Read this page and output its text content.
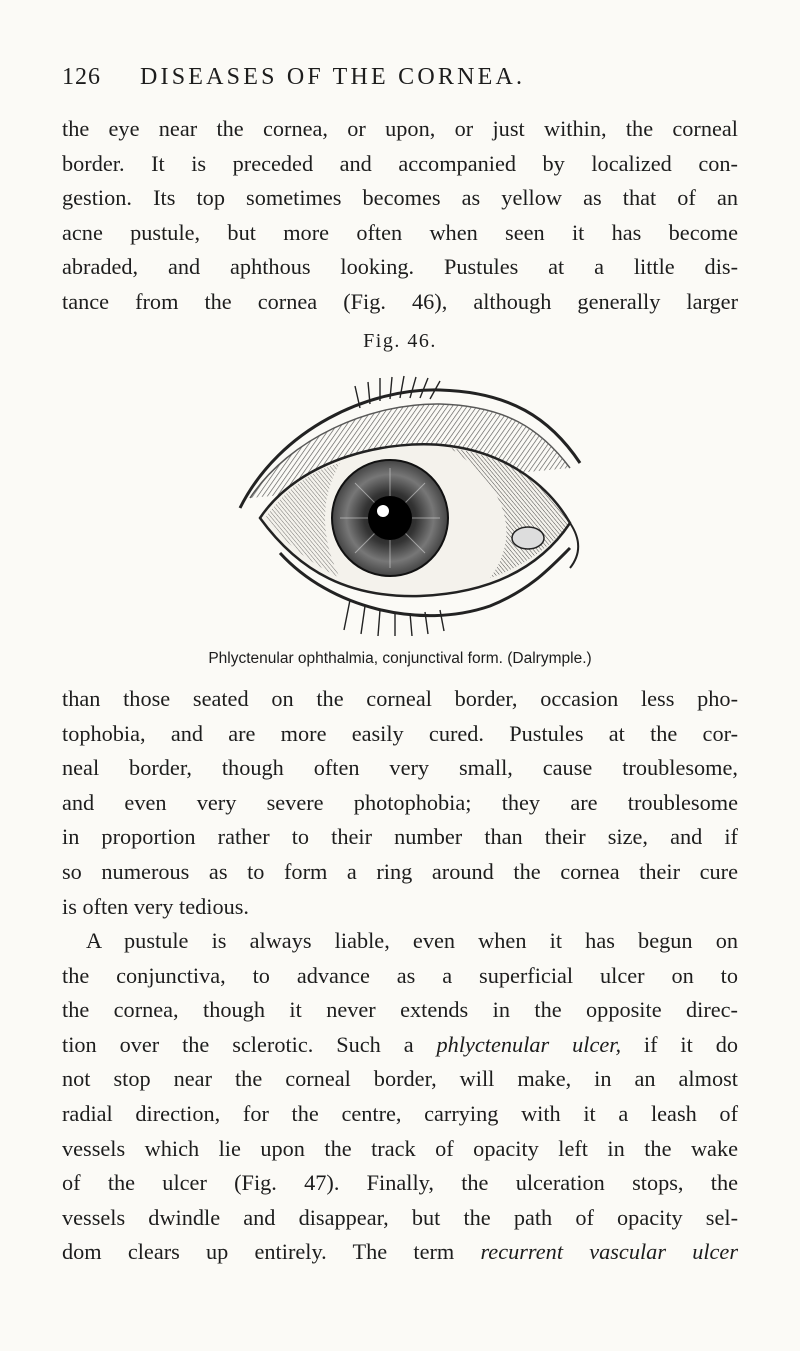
126	DISEASES OF THE CORNEA.

the eye near the cornea, or upon, or just within, the corneal
border. It is preceded and accompanied by localized con-
gestion. Its top sometimes becomes as yellow as that of an
acne pustule, but more often when seen it has become
abraded, and aphthous looking. Pustules at a little dis-
tance from the cornea (Fig. 46), although generally larger

Fig. 46.
Phlyctenular ophthalmia, conjunctival form. (Dalrymple.)

than those seated on the corneal border, occasion less pho-
tophobia, and are more easily cured. Pustules at the cor-
neal border, though often very small, cause troublesome,
and even very severe photophobia; they are troublesome
in proportion rather to their number than their size, and if
so numerous as to form a ring around the cornea their cure
is often very tedious.

A pustule is always liable, even when it has begun on
the conjunctiva, to advance as a superficial ulcer on to
the cornea, though it never extends in the opposite direc-
tion over the sclerotic. Such a phlyctenular ulcer, if it do
not stop near the corneal border, will make, in an almost
radial direction, for the centre, carrying with it a leash of
vessels which lie upon the track of opacity left in the wake
of the ulcer (Fig. 47). Finally, the ulceration stops, the
vessels dwindle and disappear, but the path of opacity sel-
dom clears up entirely. The term recurrent vascular ulcer
